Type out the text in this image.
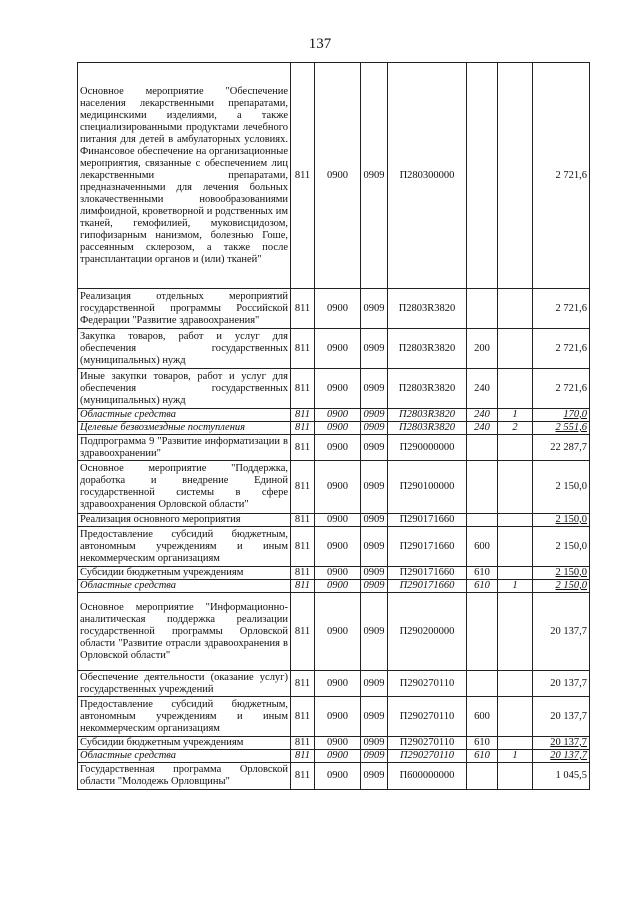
137
Основное мероприятие "Обеспечение населения лекарственными препаратами, медицинскими изделиями, а также специализированными продуктами лечебного питания для детей в амбулаторных условиях. Финансовое обеспечение на организационные мероприятия, связанные с обеспечением лиц лекарственными препаратами, предназначенными для лечения больных злокачественными новообразованиями лимфоидной, кроветворной и родственных им тканей, гемофилией, муковисцидозом, гипофизарным нанизмом, болезнью Гоше, рассеянным склерозом, а также после трансплантации органов и (или) тканей"	811	0900	0909	П280300000			2 721,6
Реализация отдельных мероприятий государственной программы Российской Федерации "Развитие здравоохранения"	811	0900	0909	П2803R3820			2 721,6
Закупка товаров, работ и услуг для обеспечения государственных (муниципальных) нужд	811	0900	0909	П2803R3820	200		2 721,6
Иные закупки товаров, работ и услуг для обеспечения государственных (муниципальных) нужд	811	0900	0909	П2803R3820	240		2 721,6
Областные средства	811	0900	0909	П2803R3820	240	1	170,0
Целевые безвозмездные поступления	811	0900	0909	П2803R3820	240	2	2 551,6
Подпрограмма 9 "Развитие информатизации в здравоохранении"	811	0900	0909	П290000000			22 287,7
Основное мероприятие "Поддержка, доработка и внедрение Единой государственной системы в сфере здравоохранения Орловской области"	811	0900	0909	П290100000			2 150,0
Реализация основного мероприятия	811	0900	0909	П290171660			2 150,0
Предоставление субсидий бюджетным, автономным учреждениям и иным некоммерческим организациям	811	0900	0909	П290171660	600		2 150,0
Субсидии бюджетным учреждениям	811	0900	0909	П290171660	610		2 150,0
Областные средства	811	0900	0909	П290171660	610	1	2 150,0
Основное мероприятие "Информационно-аналитическая поддержка реализации государственной программы Орловской области "Развитие отрасли здравоохранения в Орловской области"	811	0900	0909	П290200000			20 137,7
Обеспечение деятельности (оказание услуг) государственных учреждений	811	0900	0909	П290270110			20 137,7
Предоставление субсидий бюджетным, автономным учреждениям и иным некоммерческим организациям	811	0900	0909	П290270110	600		20 137,7
Субсидии бюджетным учреждениям	811	0900	0909	П290270110	610		20 137,7
Областные средства	811	0900	0909	П290270110	610	1	20 137,7
Государственная программа Орловской области "Молодежь Орловщины"	811	0900	0909	П600000000			1 045,5
